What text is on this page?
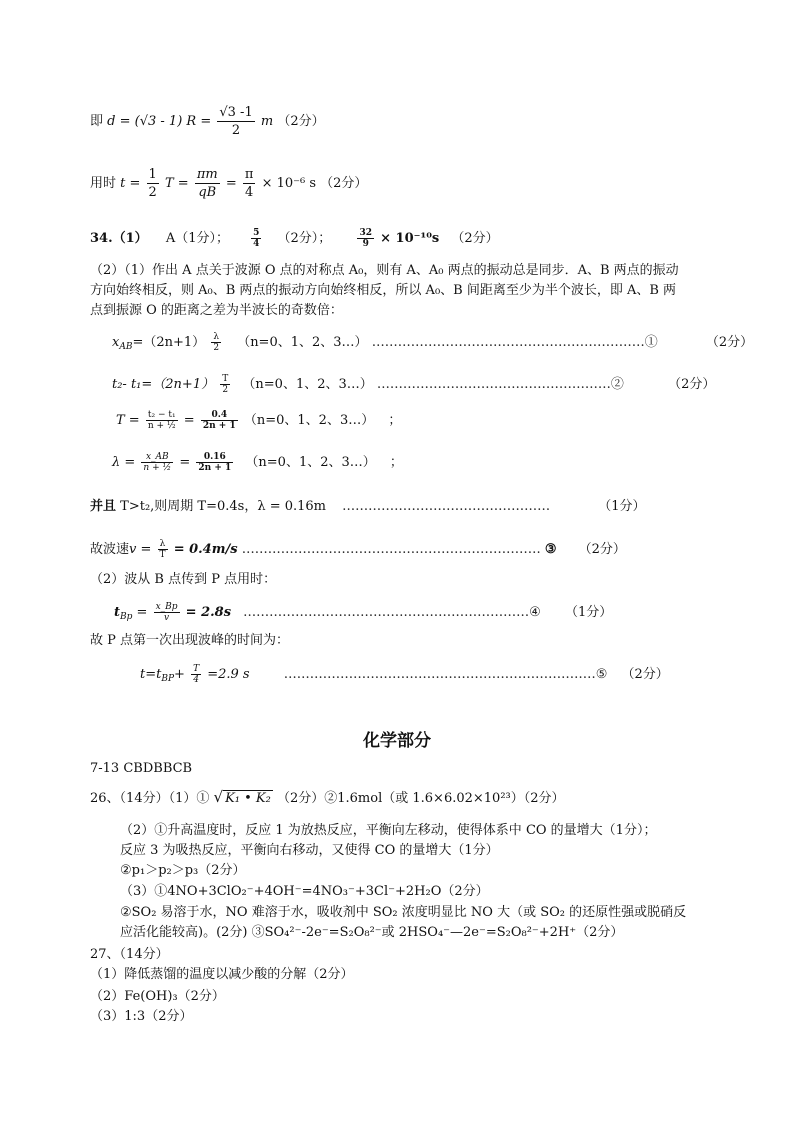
即 d = (√3 - 1) $R = \frac{√3 -1}{2}$ m （2分）
用时 $t = \frac{1}{2}$ $T = \frac{\pi m}{qB} = \frac{\pi}{4} \times 10^{-6}$ s （2分）
34.（1） A（1分）； $\frac{5}{4} (2$分）；	$\frac{32}{9} \times 10^{-10}s$ （2分）
（2）（1）作出 A 点关于波源 O 点的对称点 A₀，则有 A、A₀ 两点的振动总是同步．A、B 两点的振动
方向始终相反，则 A₀、B 两点的振动方向始终相反，所以 A₀、B 间距离至少为半个波长，即 A、B 两
点到振源 O 的距离之差为半波长的奇数倍：
$x_{AB}=(2n+1) \frac{\lambda}{2} (n=0$、1、2、3…） ………………………………………………………①	（2分）
t₂- $t_1=(2n+1) \frac{T}{2} (n=0$、1、2、3…） ………………………………………………②	（2分）
$T = \frac{\text{t₂ − t₁}}{\text{n + ½}} = \frac{0.4}{2n + 1} (n=0$、1、2、3…） ；
$\lambda = \frac{x\_AB}{\text{n + ½}} = \frac{0.16}{2n + 1} (n=0$、1、2、3…） ；
并且 T>t₂,则周期 T=0.4s，λ = 0.16m …………………………………………	（1分）
故波速$v = \frac{\lambda}{T} = 0.4m/s$ …………………………………………………………… ③ （2分）
（2）波从 B 点传到 P 点用时：
$t_{Bp} = \frac{x\_Bp}{v} = 2.8s$ …………………………………………………………④ （1分）
故 P 点第一次出现波峰的时间为：
$t=t_{BP}+ \frac{T}{4} =2.9$ s	………………………………………………………………⑤ （2分）
化学部分
7-13 CBDBBCB
26、（14分）（1）① √ K₁ • K₂ （2分）②1.6mol（或 1.6×6.02×10²³）（2分）
（2）①升高温度时，反应 1 为放热反应，平衡向左移动，使得体系中 CO 的量增大（1分）；
反应 3 为吸热反应，平衡向右移动，又使得 CO 的量增大（1分）
②p₁＞p₂＞p₃（2分）
（3）①4NO+3ClO₂⁻+4OH⁻=4NO₃⁻+3Cl⁻+2H₂O（2分）
②SO₂ 易溶于水，NO 难溶于水，吸收剂中 SO₂ 浓度明显比 NO 大（或 SO₂ 的还原性强或脱硝反
应活化能较高)。(2分) ③SO₄²⁻-2e⁻=S₂O₈²⁻或 2HSO₄⁻—2e⁻=S₂O₈²⁻+2H⁺（2分）
27、（14分）
（1）降低蒸馏的温度以减少酸的分解（2分）
（2）Fe(OH)₃（2分）
（3）1:3（2分）
